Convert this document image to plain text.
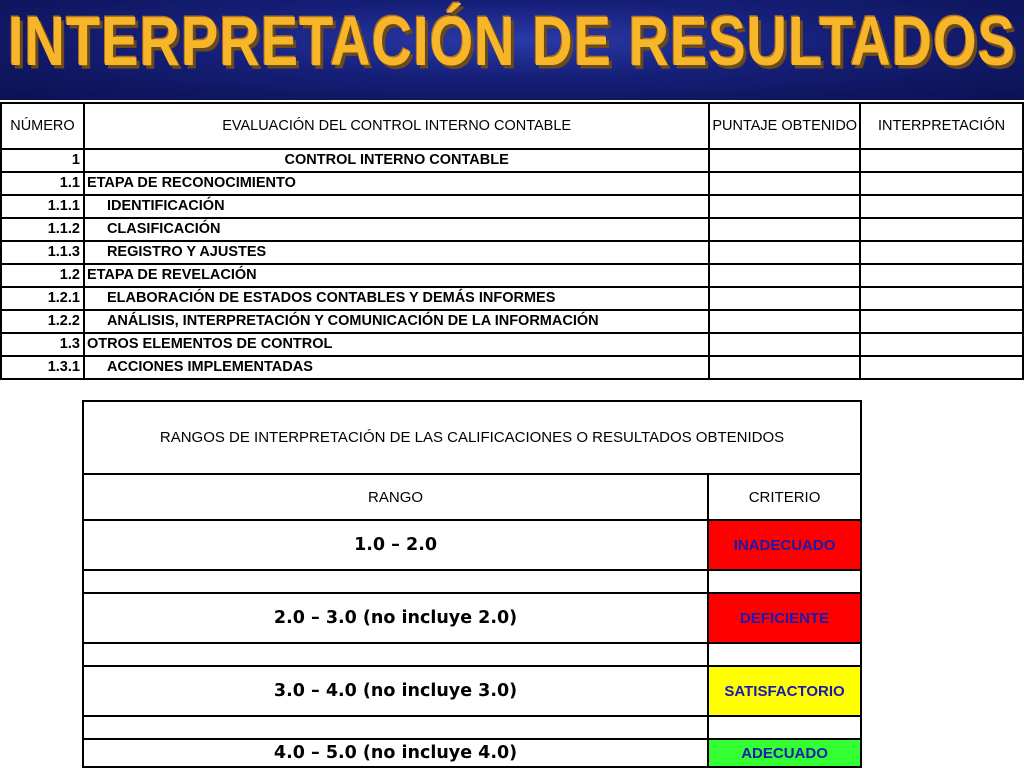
INTERPRETACIÓN DE RESULTADOS
NÚMERO	EVALUACIÓN DEL CONTROL INTERNO CONTABLE	PUNTAJE OBTENIDO	INTERPRETACIÓN
1	CONTROL INTERNO CONTABLE		
1.1	ETAPA DE RECONOCIMIENTO		
1.1.1	IDENTIFICACIÓN		
1.1.2	CLASIFICACIÓN		
1.1.3	REGISTRO Y AJUSTES		
1.2	ETAPA DE REVELACIÓN		
1.2.1	ELABORACIÓN DE ESTADOS CONTABLES Y DEMÁS INFORMES		
1.2.2	ANÁLISIS, INTERPRETACIÓN Y COMUNICACIÓN DE LA INFORMACIÓN		
1.3	OTROS ELEMENTOS DE CONTROL		
1.3.1	ACCIONES IMPLEMENTADAS		
RANGOS DE INTERPRETACIÓN DE LAS CALIFICACIONES O RESULTADOS OBTENIDOS	
RANGO	CRITERIO
1.0 – 2.0	INADECUADO

2.0 – 3.0 (no incluye 2.0)	DEFICIENTE

3.0 – 4.0 (no incluye 3.0)	SATISFACTORIO

4.0 – 5.0 (no incluye 4.0)	ADECUADO
